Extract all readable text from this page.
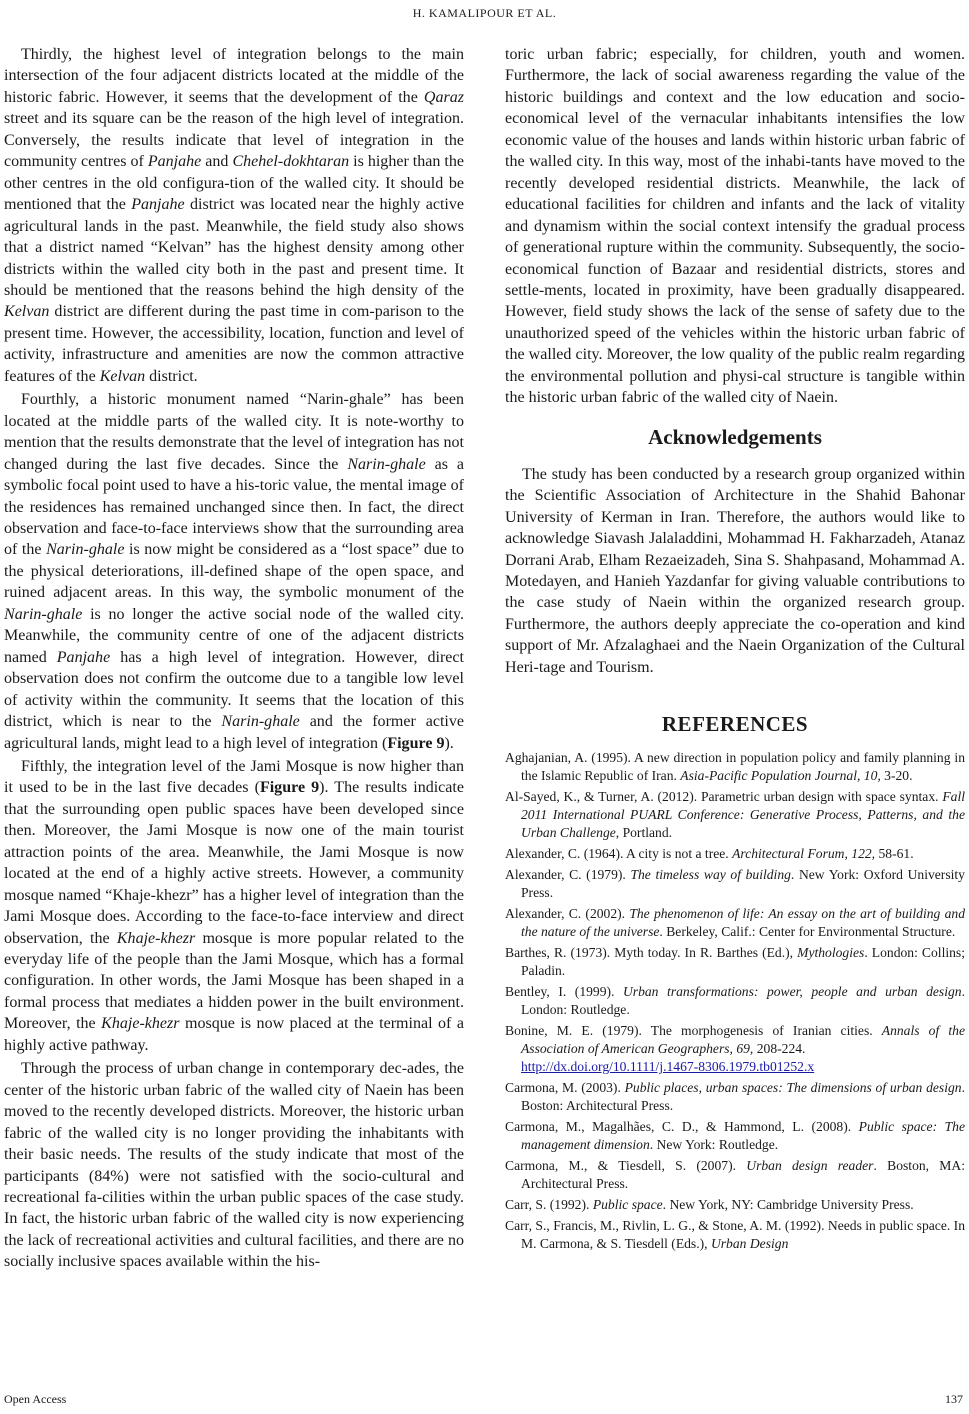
H. KAMALIPOUR ET AL.

Thirdly, the highest level of integration belongs to the main intersection of the four adjacent districts located at the middle of the historic fabric. However, it seems that the development of the Qaraz street and its square can be the reason of the high level of integration. Conversely, the results indicate that level of integration in the community centres of Panjahe and Chehel-dokhtaran is higher than the other centres in the old configura-tion of the walled city. It should be mentioned that the Panjahe district was located near the highly active agricultural lands in the past. Meanwhile, the field study also shows that a district named “Kelvan” has the highest density among other districts within the walled city both in the past and present time. It should be mentioned that the reasons behind the high density of the Kelvan district are different during the past time in com-parison to the present time. However, the accessibility, location, function and level of activity, infrastructure and amenities are now the common attractive features of the Kelvan district.

Fourthly, a historic monument named “Narin-ghale” has been located at the middle parts of the walled city. It is note-worthy to mention that the results demonstrate that the level of integration has not changed during the last five decades. Since the Narin-ghale as a symbolic focal point used to have a his-toric value, the mental image of the residences has remained unchanged since then. In fact, the direct observation and face-to-face interviews show that the surrounding area of the Narin-ghale is now might be considered as a “lost space” due to the physical deteriorations, ill-defined shape of the open space, and ruined adjacent areas. In this way, the symbolic monument of the Narin-ghale is no longer the active social node of the walled city. Meanwhile, the community centre of one of the adjacent districts named Panjahe has a high level of integration. However, direct observation does not confirm the outcome due to a tangible low level of activity within the community. It seems that the location of this district, which is near to the Narin-ghale and the former active agricultural lands, might lead to a high level of integration (Figure 9).

Fifthly, the integration level of the Jami Mosque is now higher than it used to be in the last five decades (Figure 9). The results indicate that the surrounding open public spaces have been developed since then. Moreover, the Jami Mosque is now one of the main tourist attraction points of the area. Meanwhile, the Jami Mosque is now located at the end of a highly active streets. However, a community mosque named “Khaje-khezr” has a higher level of integration than the Jami Mosque does. According to the face-to-face interview and direct observation, the Khaje-khezr mosque is more popular related to the everyday life of the people than the Jami Mosque, which has a formal configuration. In other words, the Jami Mosque has been shaped in a formal process that mediates a hidden power in the built environment. Moreover, the Khaje-khezr mosque is now placed at the terminal of a highly active pathway.

Through the process of urban change in contemporary dec-ades, the center of the historic urban fabric of the walled city of Naein has been moved to the recently developed districts. Moreover, the historic urban fabric of the walled city is no longer providing the inhabitants with their basic needs. The results of the study indicate that most of the participants (84%) were not satisfied with the socio-cultural and recreational fa-cilities within the urban public spaces of the case study. In fact, the historic urban fabric of the walled city is now experiencing the lack of recreational activities and cultural facilities, and there are no socially inclusive spaces available within the his-

toric urban fabric; especially, for children, youth and women. Furthermore, the lack of social awareness regarding the value of the historic buildings and context and the low education and socio-economical level of the vernacular inhabitants intensifies the low economic value of the houses and lands within historic urban fabric of the walled city. In this way, most of the inhabi-tants have moved to the recently developed residential districts. Meanwhile, the lack of educational facilities for children and infants and the lack of vitality and dynamism within the social context intensify the gradual process of generational rupture within the community. Subsequently, the socio-economical function of Bazaar and residential districts, stores and settle-ments, located in proximity, have been gradually disappeared. However, field study shows the lack of the sense of safety due to the unauthorized speed of the vehicles within the historic urban fabric of the walled city. Moreover, the low quality of the public realm regarding the environmental pollution and physi-cal structure is tangible within the historic urban fabric of the walled city of Naein.

Acknowledgements

The study has been conducted by a research group organized within the Scientific Association of Architecture in the Shahid Bahonar University of Kerman in Iran. Therefore, the authors would like to acknowledge Siavash Jalaladdini, Mohammad H. Fakharzadeh, Atanaz Dorrani Arab, Elham Rezaeizadeh, Sina S. Shahpasand, Mohammad A. Motedayen, and Hanieh Yazdanfar for giving valuable contributions to the case study of Naein within the organized research group. Furthermore, the authors deeply appreciate the co-operation and kind support of Mr. Afzalaghaei and the Naein Organization of the Cultural Heri-tage and Tourism.

REFERENCES

Aghajanian, A. (1995). A new direction in population policy and family planning in the Islamic Republic of Iran. Asia-Pacific Population Journal, 10, 3-20.

Al-Sayed, K., & Turner, A. (2012). Parametric urban design with space syntax. Fall 2011 International PUARL Conference: Generative Process, Patterns, and the Urban Challenge, Portland.

Alexander, C. (1964). A city is not a tree. Architectural Forum, 122, 58-61.

Alexander, C. (1979). The timeless way of building. New York: Oxford University Press.

Alexander, C. (2002). The phenomenon of life: An essay on the art of building and the nature of the universe. Berkeley, Calif.: Center for Environmental Structure.

Barthes, R. (1973). Myth today. In R. Barthes (Ed.), Mythologies. London: Collins; Paladin.

Bentley, I. (1999). Urban transformations: power, people and urban design. London: Routledge.

Bonine, M. E. (1979). The morphogenesis of Iranian cities. Annals of the Association of American Geographers, 69, 208-224.
http://dx.doi.org/10.1111/j.1467-8306.1979.tb01252.x

Carmona, M. (2003). Public places, urban spaces: The dimensions of urban design. Boston: Architectural Press.

Carmona, M., Magalhães, C. D., & Hammond, L. (2008). Public space: The management dimension. New York: Routledge.

Carmona, M., & Tiesdell, S. (2007). Urban design reader. Boston, MA: Architectural Press.

Carr, S. (1992). Public space. New York, NY: Cambridge University Press.

Carr, S., Francis, M., Rivlin, L. G., & Stone, A. M. (1992). Needs in public space. In M. Carmona, & S. Tiesdell (Eds.), Urban Design

Open Access	137
